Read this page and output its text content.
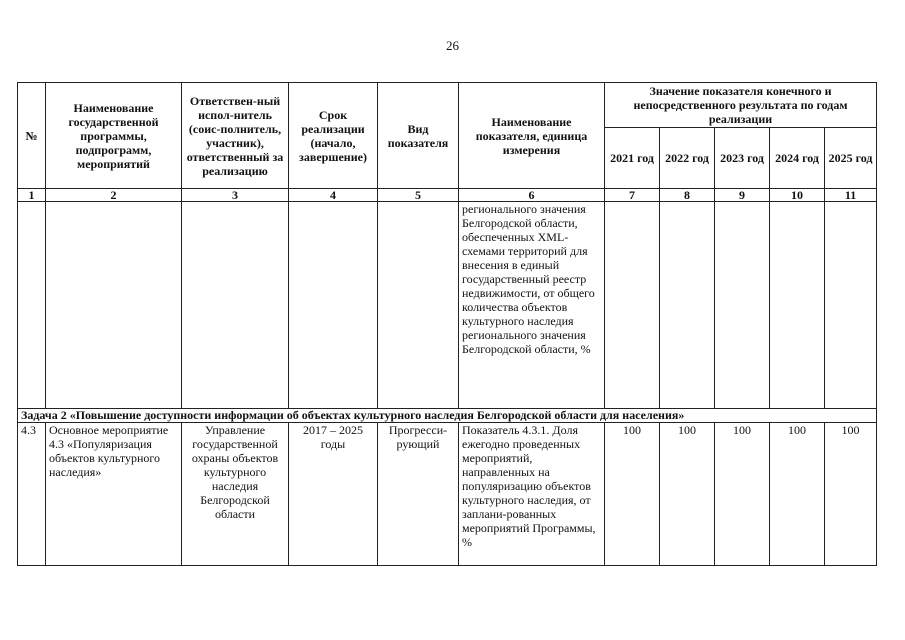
26
№	Наименование государственной программы, подпрограмм, мероприятий	Ответствен-ный испол-нитель (соис-полнитель, участник), ответственный за реализацию	Срок реализации (начало, завершение)	Вид показателя	Наименование показателя, единица измерения	Значение показателя конечного и непосредственного результата по годам реализации				
						2021 год	2022 год	2023 год	2024 год	2025 год
1	2	3	4	5	6	7	8	9	10	11
					регионального значения Белгородской области, обеспеченных XML-схемами территорий для внесения в единый государственный реестр недвижимости, от общего количества объектов культурного наследия регионального значения Белгородской области, %					
Задача 2 «Повышение доступности информации об объектах культурного наследия Белгородской области для населения»										
4.3	Основное мероприятие 4.3 «Популяризация объектов культурного наследия»	Управление государственной охраны объектов культурного наследия Белгородской области	2017 – 2025 годы	Прогресси-рующий	Показатель 4.3.1. Доля ежегодно проведенных мероприятий, направленных на популяризацию объектов культурного наследия, от заплани-рованных мероприятий Программы, %	100	100	100	100	100
